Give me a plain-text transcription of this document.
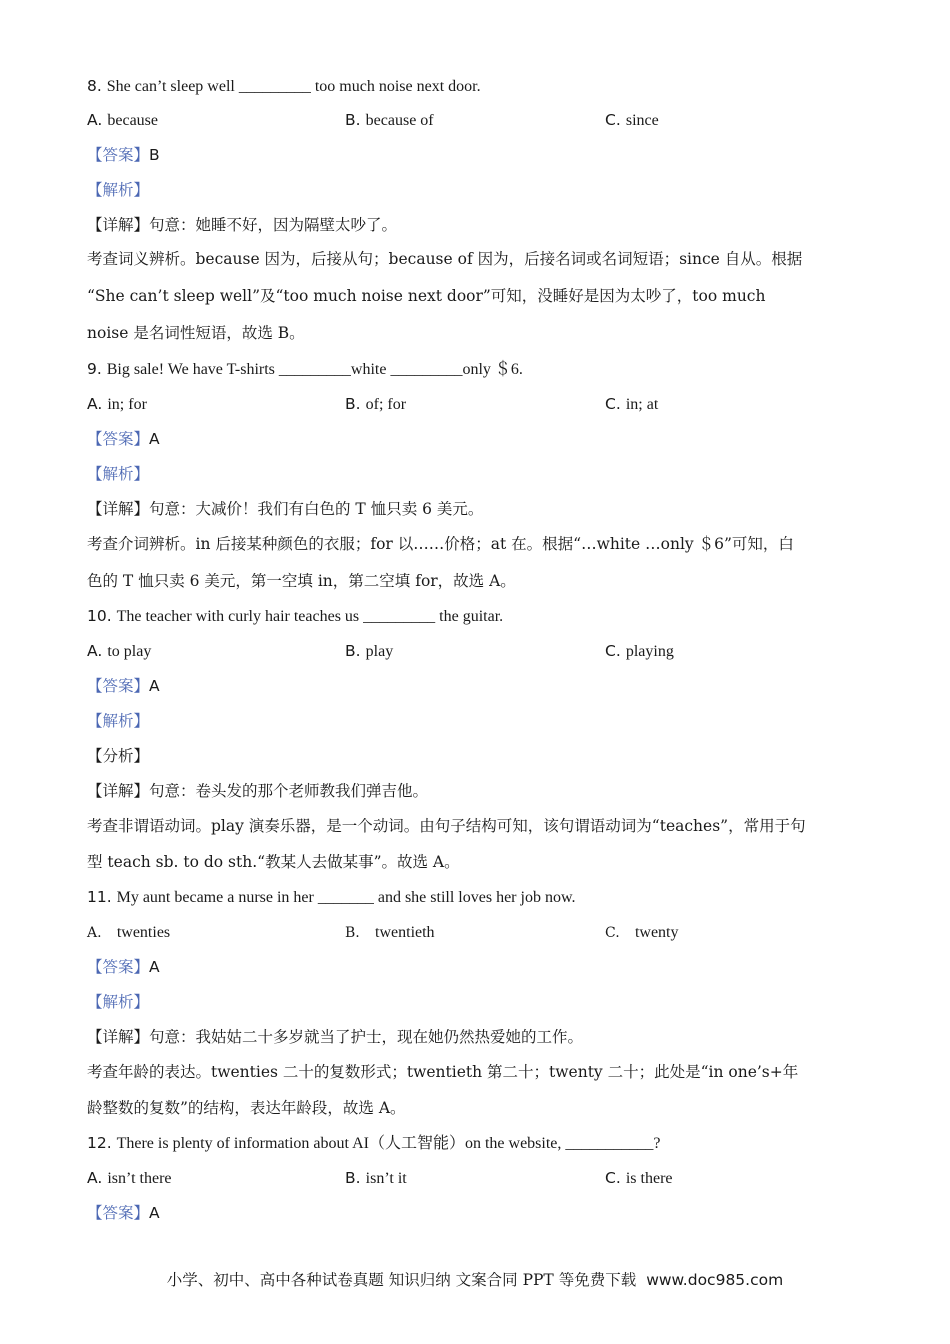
8. She can’t sleep well _________ too much noise next door.
A. because	B. because of	C. since
【答案】B
【解析】
【详解】句意：她睡不好，因为隔壁太吵了。
考查词义辨析。because 因为，后接从句；because of 因为，后接名词或名词短语；since 自从。根据
“She can’t sleep well”及“too much noise next door”可知，没睡好是因为太吵了，too much
noise 是名词性短语，故选 B。
9. Big sale! We have T-shirts _________white _________only ＄6.
A. in; for	B. of; for	C. in; at
【答案】A
【解析】
【详解】句意：大减价！我们有白色的 T 恤只卖 6 美元。
考查介词辨析。in 后接某种颜色的衣服；for 以……价格；at 在。根据“…white …only ＄6”可知，白
色的 T 恤只卖 6 美元，第一空填 in，第二空填 for，故选 A。
10. The teacher with curly hair teaches us _________ the guitar.
A. to play	B. play	C. playing
【答案】A
【解析】
【分析】
【详解】句意：卷头发的那个老师教我们弹吉他。
考查非谓语动词。play 演奏乐器，是一个动词。由句子结构可知，该句谓语动词为“teaches”，常用于句
型 teach sb. to do sth.“教某人去做某事”。故选 A。
11. My aunt became a nurse in her _______ and she still loves her job now.
A. twenties	B. twentieth	C. twenty
【答案】A
【解析】
【详解】句意：我姑姑二十多岁就当了护士，现在她仍然热爱她的工作。
考查年龄的表达。twenties 二十的复数形式；twentieth 第二十；twenty 二十；此处是“in one’s+年
龄整数的复数”的结构，表达年龄段，故选 A。
12. There is plenty of information about AI（人工智能）on the website, ___________?
A. isn’t there	B. isn’t it	C. is there
【答案】A
小学、初中、高中各种试卷真题 知识归纳 文案合同 PPT 等免费下载 www.doc985.com
